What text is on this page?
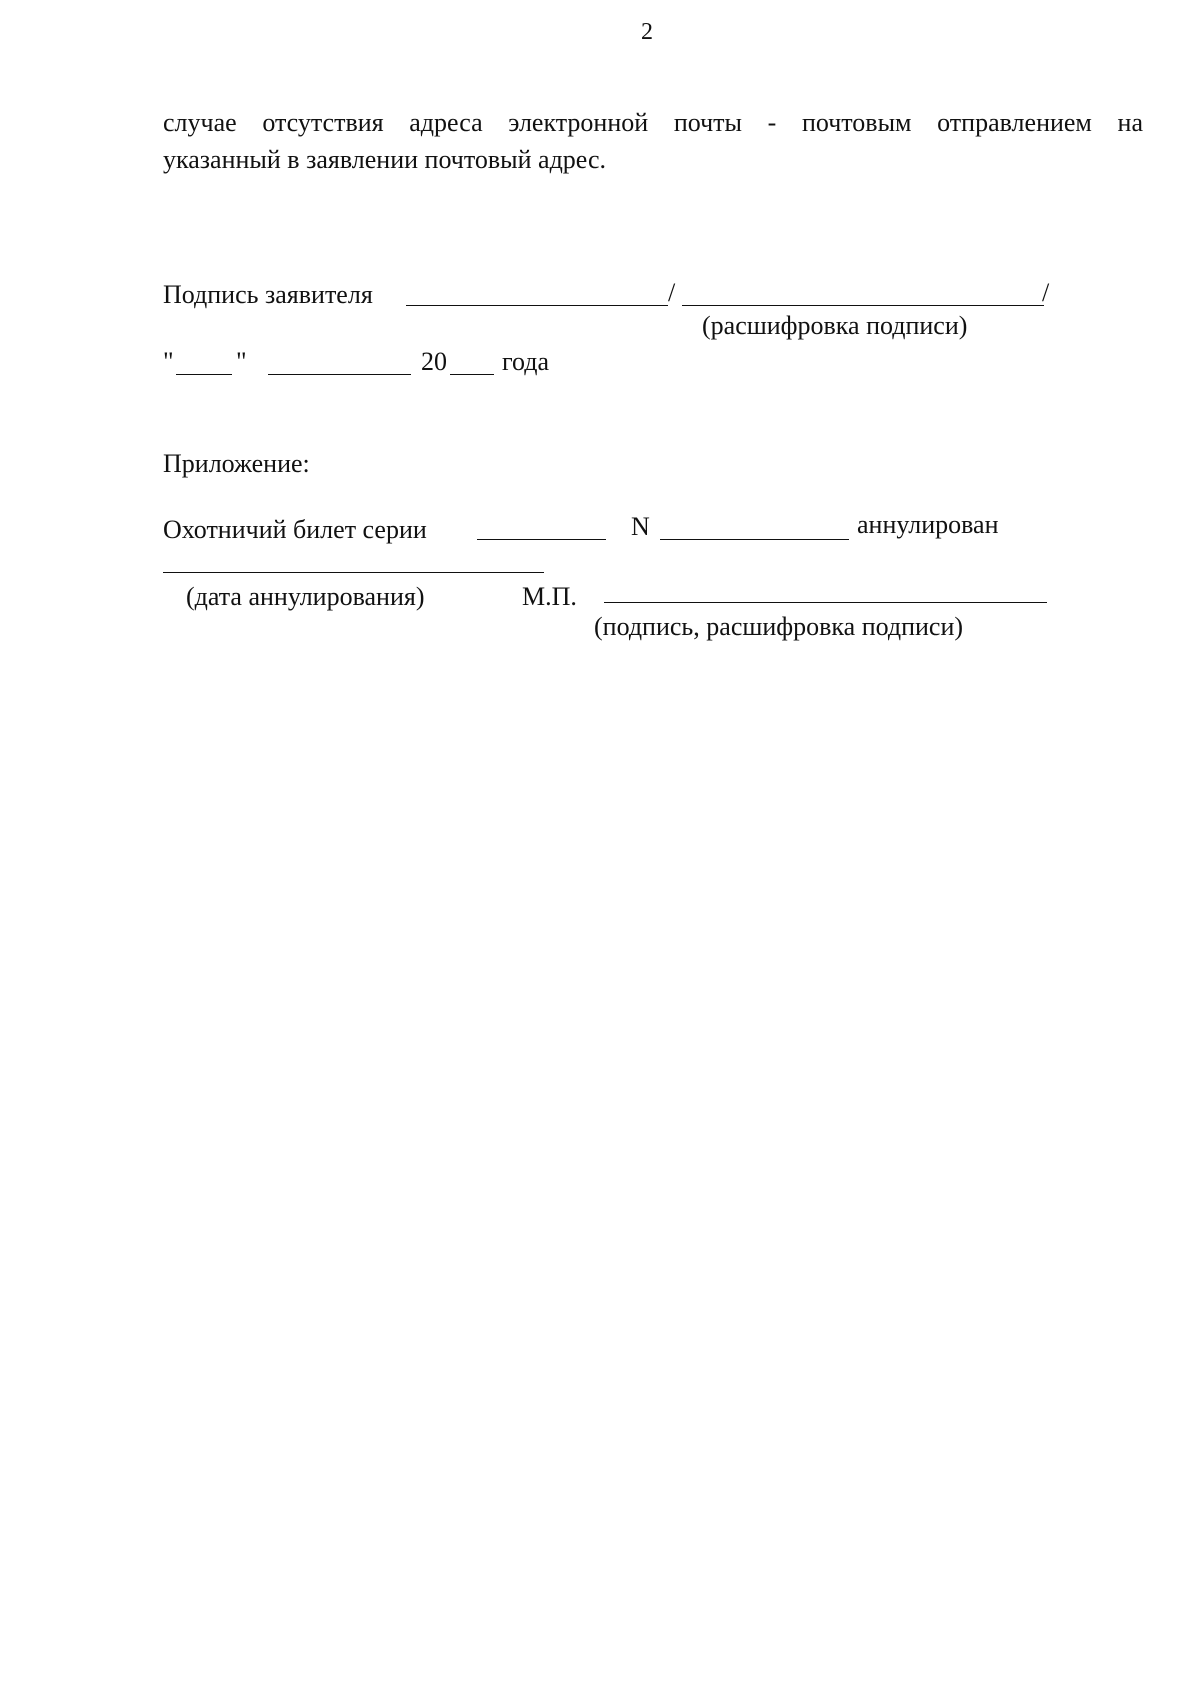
2
случае отсутствия адреса электронной почты - почтовым отправлением на
указанный в заявлении почтовый адрес.
Подпись заявителя	/	/
(расшифровка подписи)
" "	20 года
Приложение:
Охотничий билет серии	N	аннулирован
(дата аннулирования)	М.П.
(подпись, расшифровка подписи)
